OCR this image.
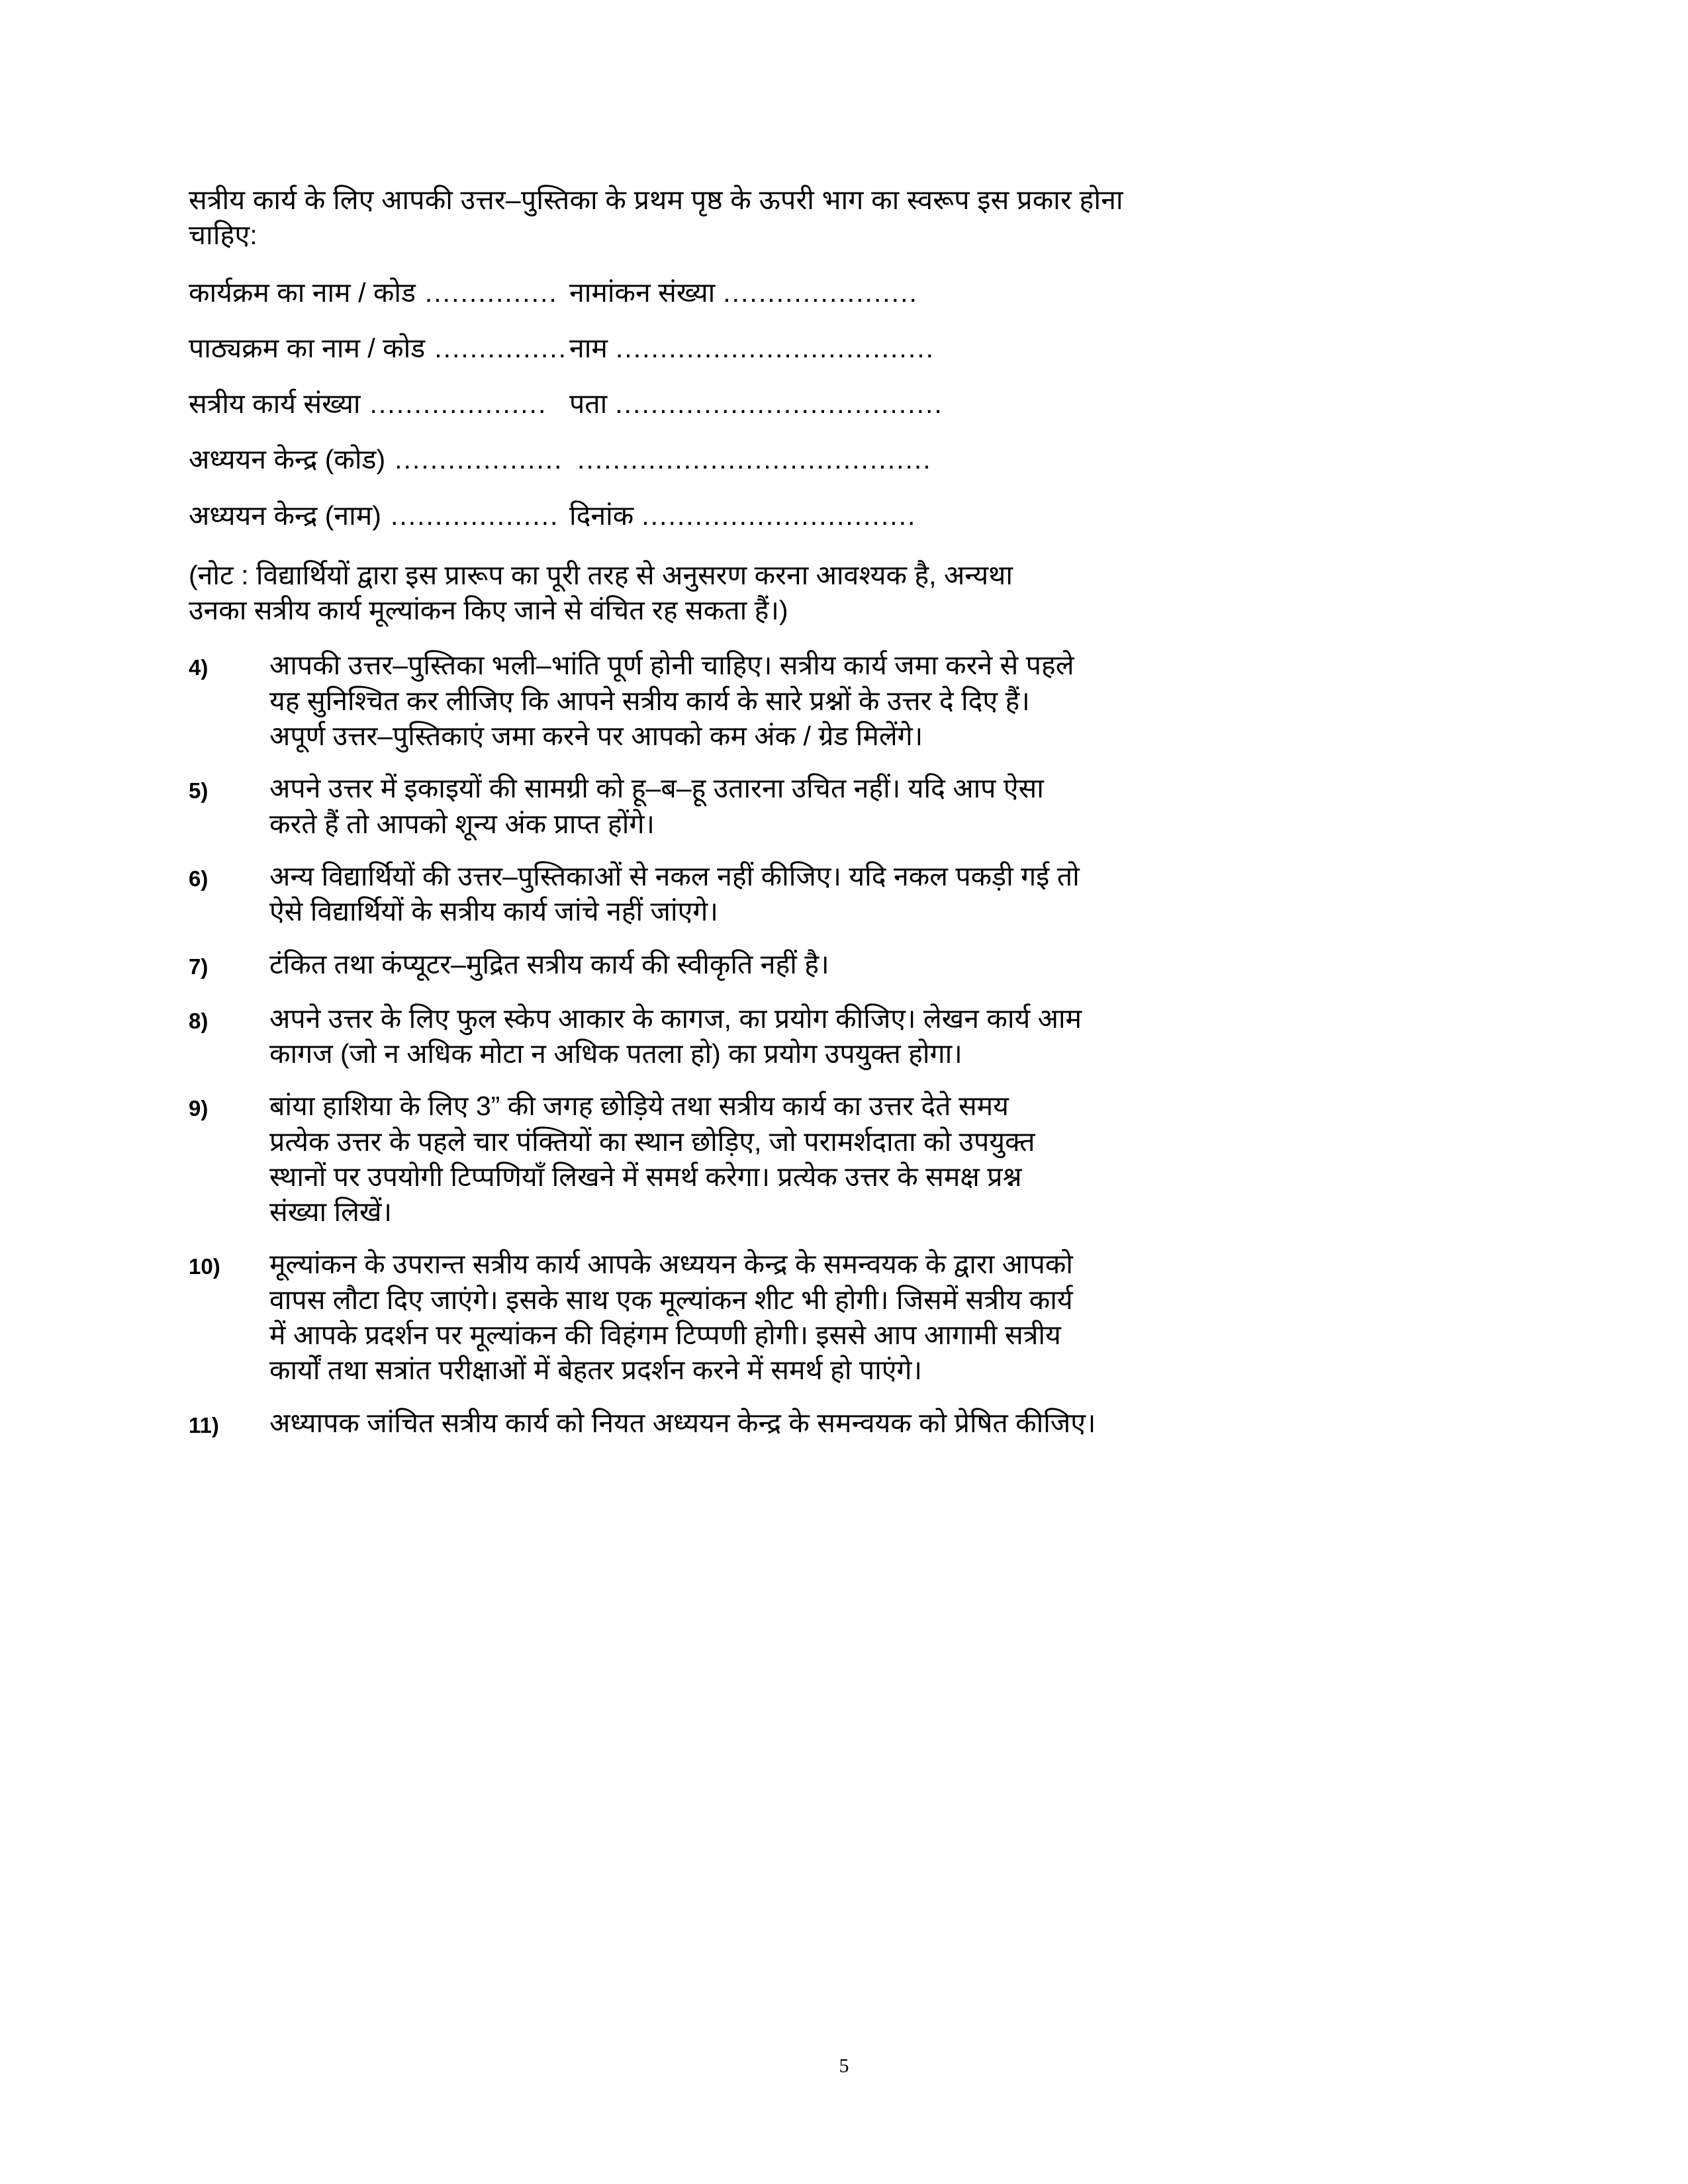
सत्रीय कार्य के लिए आपकी उत्तर–पुस्तिका के प्रथम पृष्ठ के ऊपरी भाग का स्वरूप इस प्रकार होना
चाहिए:

कार्यक्रम का नाम / कोड ............... नामांकन संख्या ......................
पाठ्यक्रम का नाम / कोड ............... नाम ....................................
सत्रीय कार्य संख्या .................... पता .....................................
अध्ययन केन्द्र (कोड) ................... ........................................
अध्ययन केन्द्र (नाम) ................... दिनांक ...............................

(नोट : विद्यार्थियों द्वारा इस प्रारूप का पूरी तरह से अनुसरण करना आवश्यक है, अन्यथा
उनका सत्रीय कार्य मूल्यांकन किए जाने से वंचित रह सकता हैं।)

4)	आपकी उत्तर–पुस्तिका भली–भांति पूर्ण होनी चाहिए। सत्रीय कार्य जमा करने से पहले
यह सुनिश्चित कर लीजिए कि आपने सत्रीय कार्य के सारे प्रश्नों के उत्तर दे दिए हैं।
अपूर्ण उत्तर–पुस्तिकाएं जमा करने पर आपको कम अंक / ग्रेड मिलेंगे।
5)	अपने उत्तर में इकाइयों की सामग्री को हू–ब–हू उतारना उचित नहीं। यदि आप ऐसा
करते हैं तो आपको शून्य अंक प्राप्त होंगे।
6)	अन्य विद्यार्थियों की उत्तर–पुस्तिकाओं से नकल नहीं कीजिए। यदि नकल पकड़ी गई तो
ऐसे विद्यार्थियों के सत्रीय कार्य जांचे नहीं जांएगे।
7)	टंकित तथा कंप्यूटर–मुद्रित सत्रीय कार्य की स्वीकृति नहीं है।
8)	अपने उत्तर के लिए फुल स्केप आकार के कागज, का प्रयोग कीजिए। लेखन कार्य आम
कागज (जो न अधिक मोटा न अधिक पतला हो) का प्रयोग उपयुक्त होगा।
9)	बांया हाशिया के लिए 3” की जगह छोड़िये तथा सत्रीय कार्य का उत्तर देते समय
प्रत्येक उत्तर के पहले चार पंक्तियों का स्थान छोड़िए, जो परामर्शदाता को उपयुक्त
स्थानों पर उपयोगी टिप्पणियाँ लिखने में समर्थ करेगा। प्रत्येक उत्तर के समक्ष प्रश्न
संख्या लिखें।
10)	मूल्यांकन के उपरान्त सत्रीय कार्य आपके अध्ययन केन्द्र के समन्वयक के द्वारा आपको
वापस लौटा दिए जाएंगे। इसके साथ एक मूल्यांकन शीट भी होगी। जिसमें सत्रीय कार्य
में आपके प्रदर्शन पर मूल्यांकन की विहंगम टिप्पणी होगी। इससे आप आगामी सत्रीय
कार्यों तथा सत्रांत परीक्षाओं में बेहतर प्रदर्शन करने में समर्थ हो पाएंगे।
11)	अध्यापक जांचित सत्रीय कार्य को नियत अध्ययन केन्द्र के समन्वयक को प्रेषित कीजिए।
5
